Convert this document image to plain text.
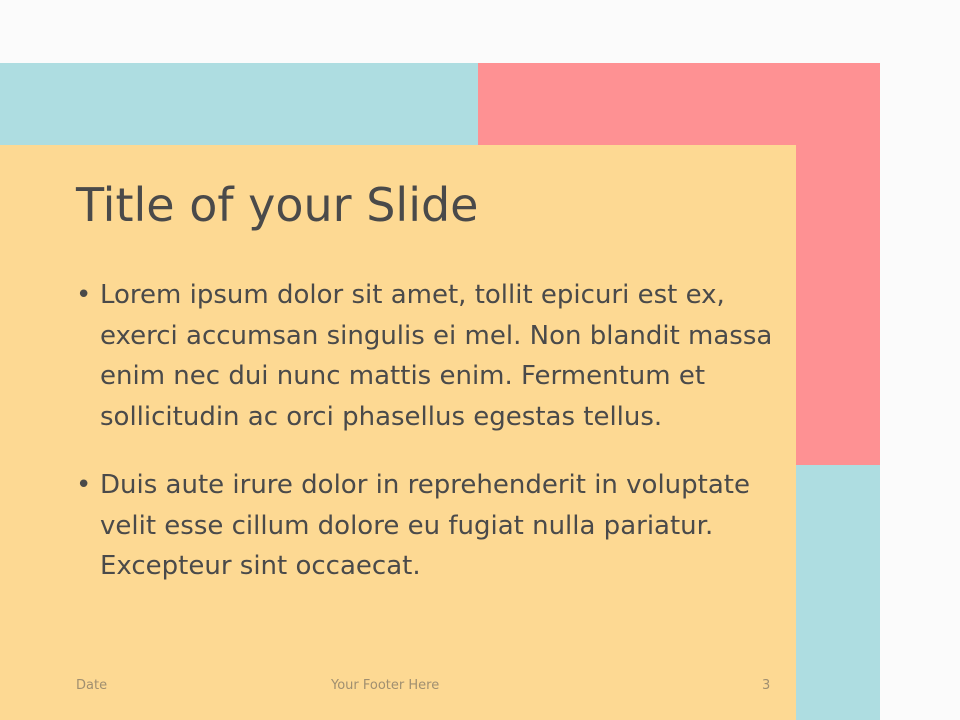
Title of your Slide
• Lorem ipsum dolor sit amet, tollit epicuri est ex, exerci accumsan singulis ei mel. Non blandit massa enim nec dui nunc mattis enim. Fermentum et sollicitudin ac orci phasellus egestas tellus.
• Duis aute irure dolor in reprehenderit in voluptate velit esse cillum dolore eu fugiat nulla pariatur. Excepteur sint occaecat.
Date	Your Footer Here	3
